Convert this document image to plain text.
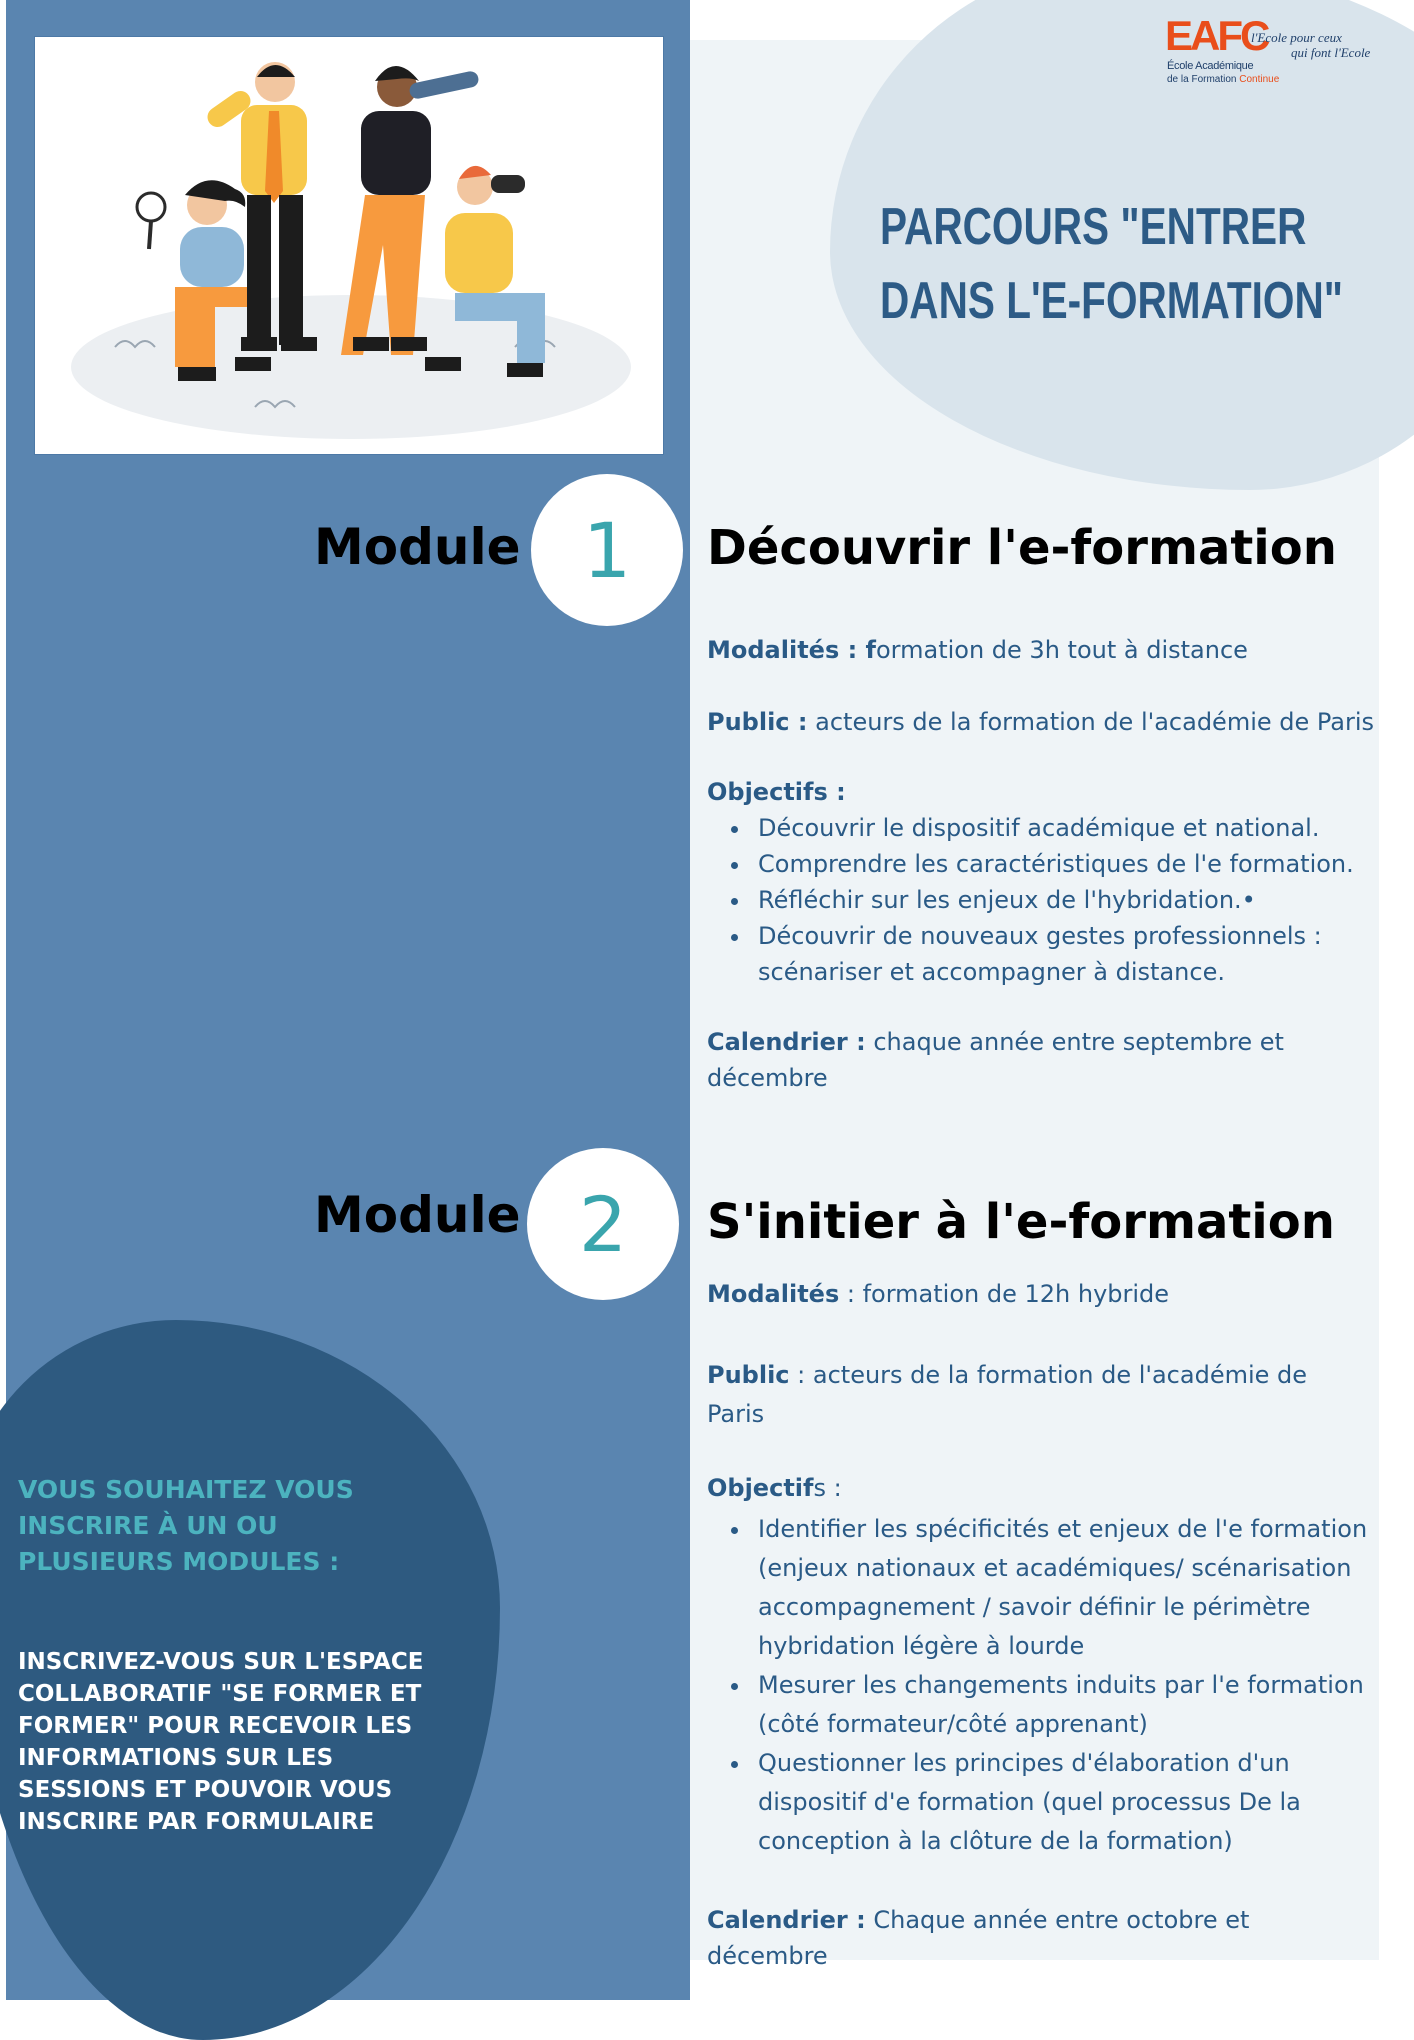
EAFC
l'Ecole pour ceux
qui font l'Ecole
École Académique
de la Formation Continue
PARCOURS "ENTRER
DANS L'E-FORMATION"
Module 1	Découvrir l'e-formation
Modalités : formation de 3h tout à distance
Public : acteurs de la formation de l'académie de Paris
Objectifs :
• Découvrir le dispositif académique et national.
• Comprendre les caractéristiques de l'e formation.
• Réfléchir sur les enjeux de l'hybridation.•
• Découvrir de nouveaux gestes professionnels : scénariser et accompagner à distance.
Calendrier : chaque année entre septembre et décembre
Module 2	S'initier à l'e-formation
Modalités : formation de 12h hybride
Public : acteurs de la formation de l'académie de Paris
Objectifs :
• Identifier les spécificités et enjeux de l'e formation (enjeux nationaux et académiques/ scénarisation accompagnement / savoir définir le périmètre hybridation légère à lourde
• Mesurer les changements induits par l'e formation (côté formateur/côté apprenant)
• Questionner les principes d'élaboration d'un dispositif d'e formation (quel processus De la conception à la clôture de la formation)
Calendrier : Chaque année entre octobre et décembre
VOUS SOUHAITEZ VOUS INSCRIRE À UN OU PLUSIEURS MODULES :
INSCRIVEZ-VOUS SUR L'ESPACE COLLABORATIF "SE FORMER ET FORMER" POUR RECEVOIR LES INFORMATIONS SUR LES SESSIONS ET POUVOIR VOUS INSCRIRE PAR FORMULAIRE
